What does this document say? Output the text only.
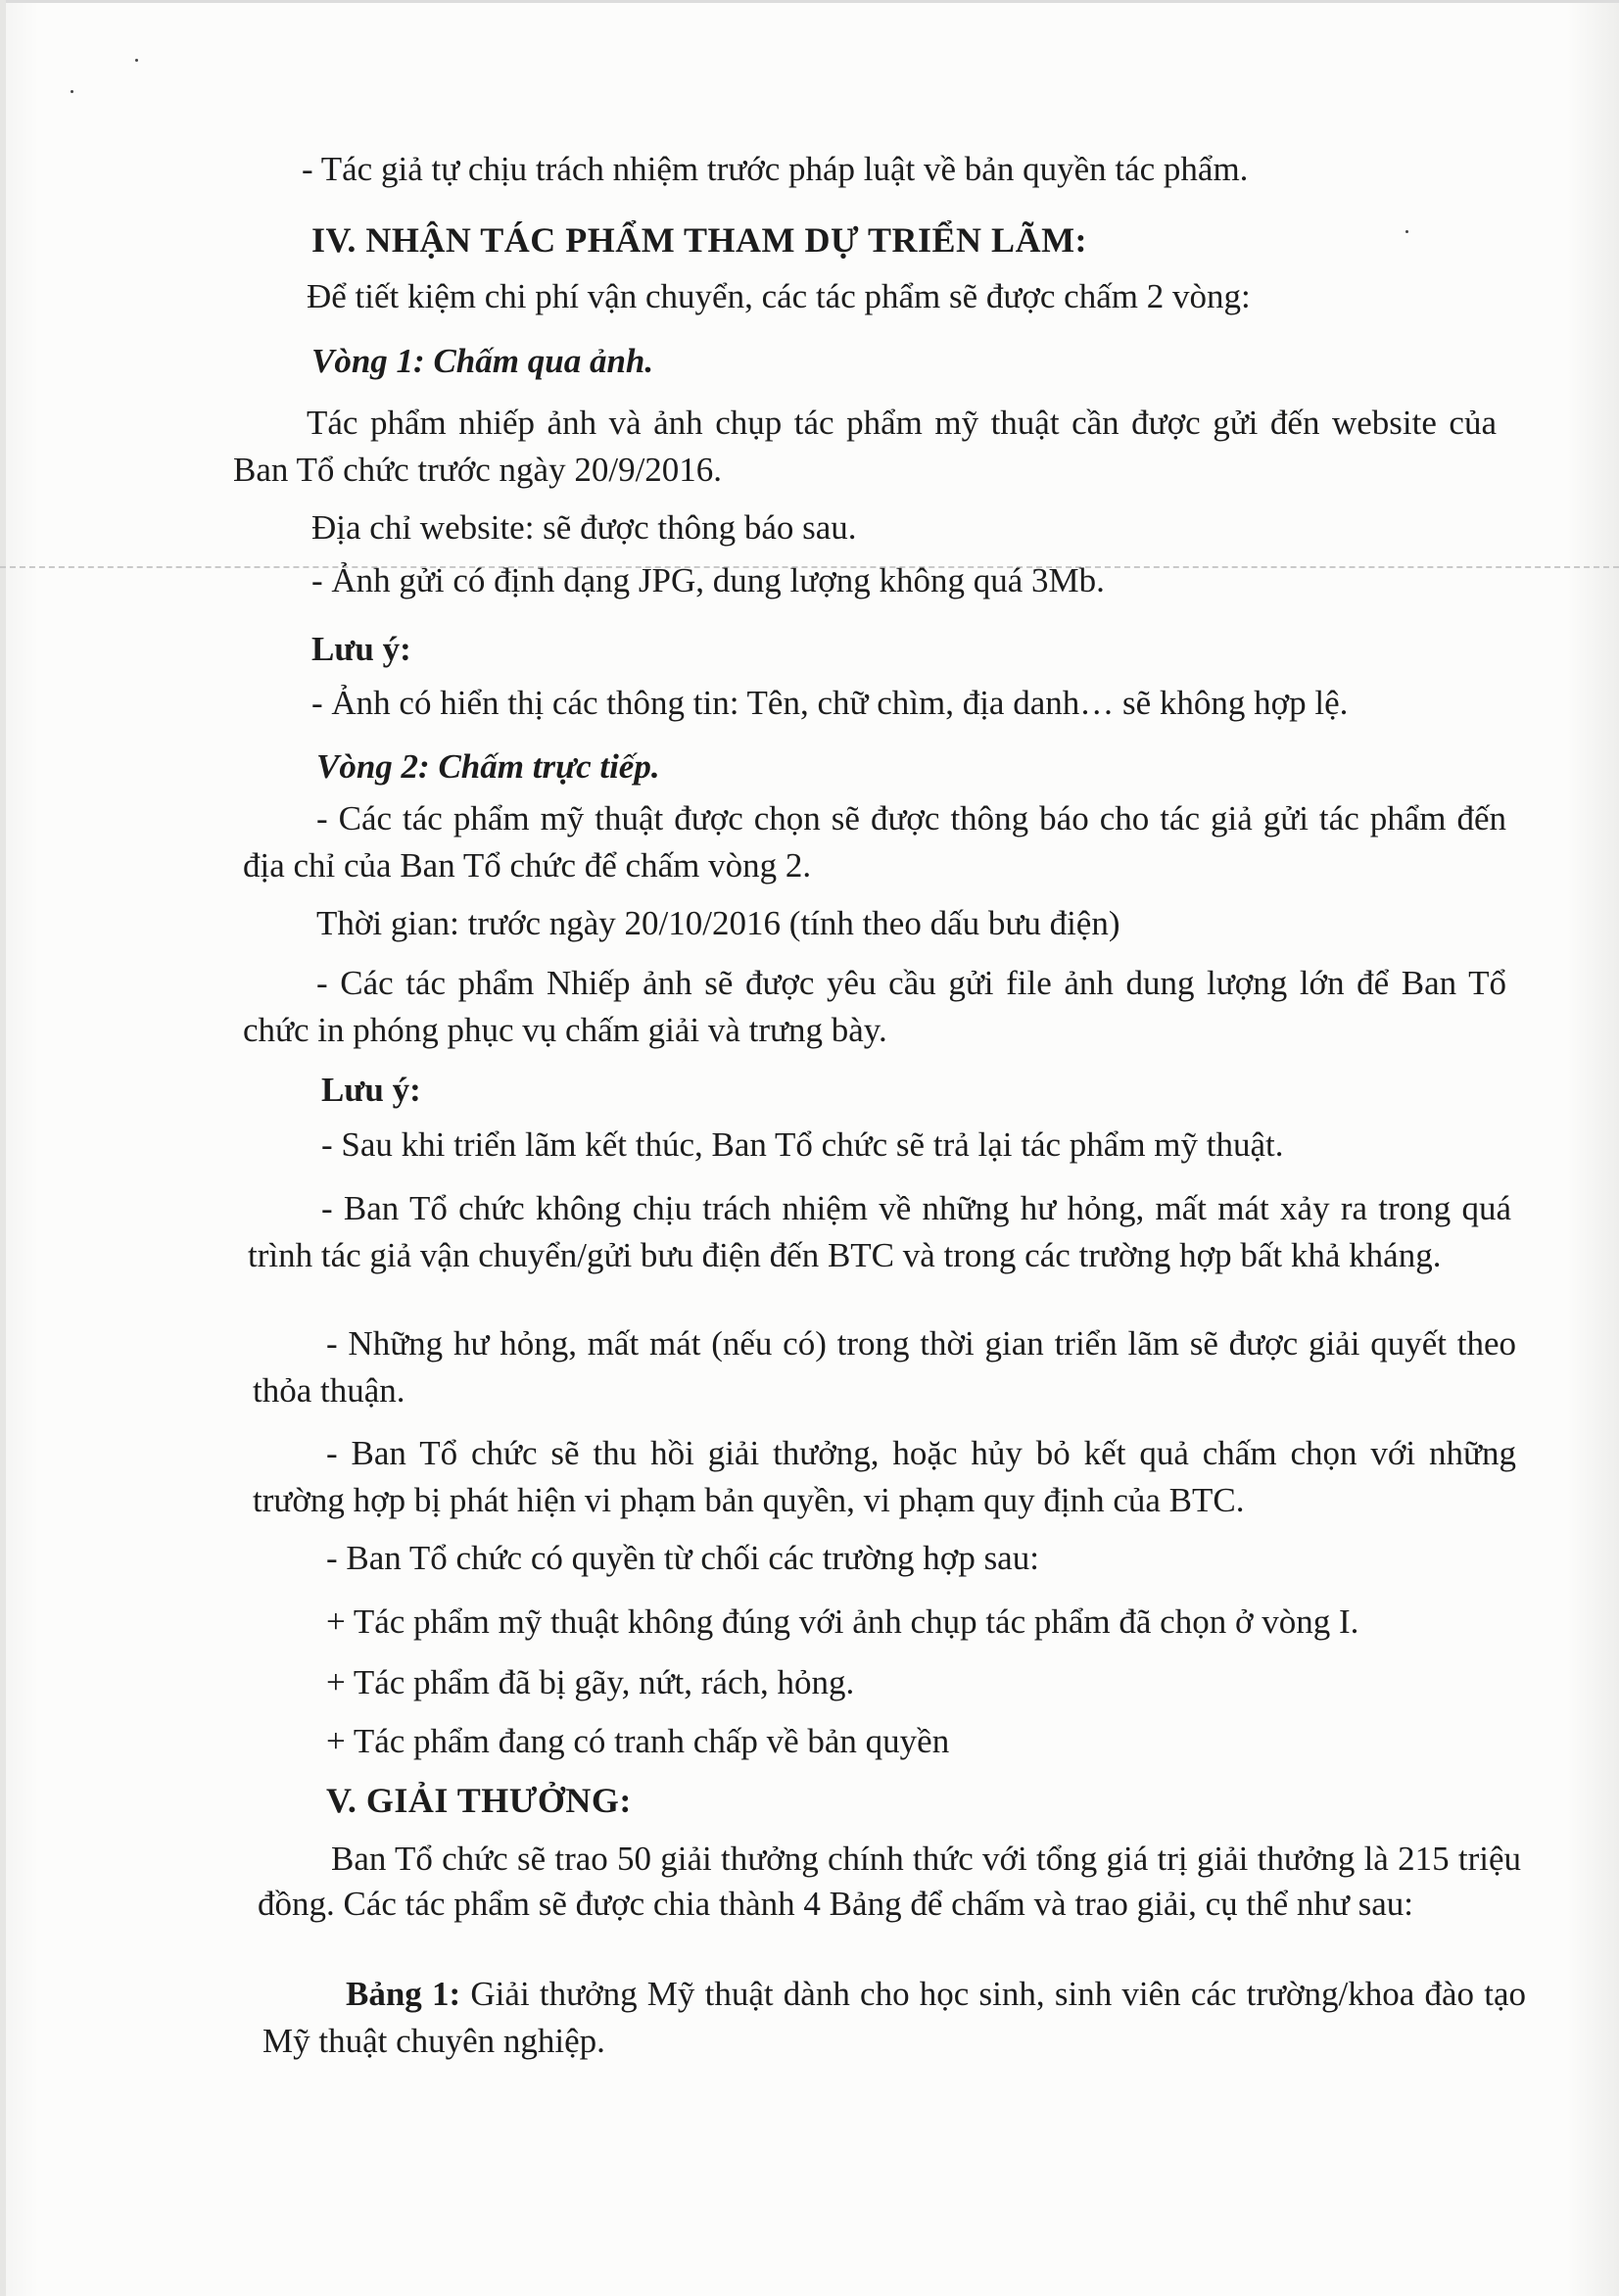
- Tác giả tự chịu trách nhiệm trước pháp luật về bản quyền tác phẩm.
IV. NHẬN TÁC PHẨM THAM DỰ TRIỂN LÃM:
Để tiết kiệm chi phí vận chuyển, các tác phẩm sẽ được chấm 2 vòng:
Vòng 1: Chấm qua ảnh.
Tác phẩm nhiếp ảnh và ảnh chụp tác phẩm mỹ thuật cần được gửi đến website của Ban Tổ chức trước ngày 20/9/2016.
Địa chỉ website: sẽ được thông báo sau.
- Ảnh gửi có định dạng JPG, dung lượng không quá 3Mb.
Lưu ý:
- Ảnh có hiển thị các thông tin: Tên, chữ chìm, địa danh… sẽ không hợp lệ.
Vòng 2: Chấm trực tiếp.
- Các tác phẩm mỹ thuật được chọn sẽ được thông báo cho tác giả gửi tác phẩm đến địa chỉ của Ban Tổ chức để chấm vòng 2.
Thời gian: trước ngày 20/10/2016 (tính theo dấu bưu điện)
- Các tác phẩm Nhiếp ảnh sẽ được yêu cầu gửi file ảnh dung lượng lớn để Ban Tổ chức in phóng phục vụ chấm giải và trưng bày.
Lưu ý:
- Sau khi triển lãm kết thúc, Ban Tổ chức sẽ trả lại tác phẩm mỹ thuật.
- Ban Tổ chức không chịu trách nhiệm về những hư hỏng, mất mát xảy ra trong quá trình tác giả vận chuyển/gửi bưu điện đến BTC và trong các trường hợp bất khả kháng.
- Những hư hỏng, mất mát (nếu có) trong thời gian triển lãm sẽ được giải quyết theo thỏa thuận.
- Ban Tổ chức sẽ thu hồi giải thưởng, hoặc hủy bỏ kết quả chấm chọn với những trường hợp bị phát hiện vi phạm bản quyền, vi phạm quy định của BTC.
- Ban Tổ chức có quyền từ chối các trường hợp sau:
+ Tác phẩm mỹ thuật không đúng với ảnh chụp tác phẩm đã chọn ở vòng I.
+ Tác phẩm đã bị gãy, nứt, rách, hỏng.
+ Tác phẩm đang có tranh chấp về bản quyền
V. GIẢI THƯỞNG:
Ban Tổ chức sẽ trao 50 giải thưởng chính thức với tổng giá trị giải thưởng là 215 triệu đồng. Các tác phẩm sẽ được chia thành 4 Bảng để chấm và trao giải, cụ thể như sau:
Bảng 1: Giải thưởng Mỹ thuật dành cho học sinh, sinh viên các trường/khoa đào tạo Mỹ thuật chuyên nghiệp.
